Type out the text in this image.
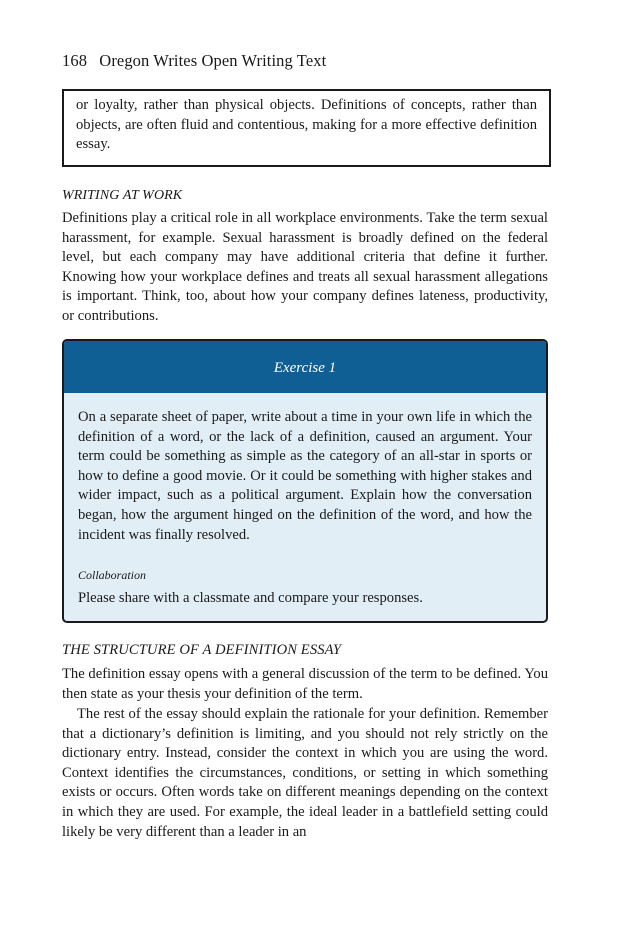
168 Oregon Writes Open Writing Text
or loyalty, rather than physical objects. Definitions of concepts, rather than objects, are often fluid and contentious, making for a more effective definition essay.
WRITING AT WORK

Definitions play a critical role in all workplace environments. Take the term sexual harassment, for example. Sexual harassment is broadly defined on the federal level, but each company may have additional criteria that define it further. Knowing how your workplace defines and treats all sexual harassment allegations is important. Think, too, about how your company defines lateness, productivity, or contributions.

Exercise 1
On a separate sheet of paper, write about a time in your own life in which the definition of a word, or the lack of a definition, caused an argument. Your term could be something as simple as the category of an all-star in sports or how to define a good movie. Or it could be something with higher stakes and wider impact, such as a political argument. Explain how the conversation began, how the argument hinged on the definition of the word, and how the incident was finally resolved.
Collaboration
Please share with a classmate and compare your responses.
THE STRUCTURE OF A DEFINITION ESSAY

The definition essay opens with a general discussion of the term to be defined. You then state as your thesis your definition of the term.

The rest of the essay should explain the rationale for your definition. Remember that a dictionary’s definition is limiting, and you should not rely strictly on the dictionary entry. Instead, consider the context in which you are using the word. Context identifies the circumstances, conditions, or setting in which something exists or occurs. Often words take on different meanings depending on the context in which they are used. For example, the ideal leader in a battlefield setting could likely be very different than a leader in an
